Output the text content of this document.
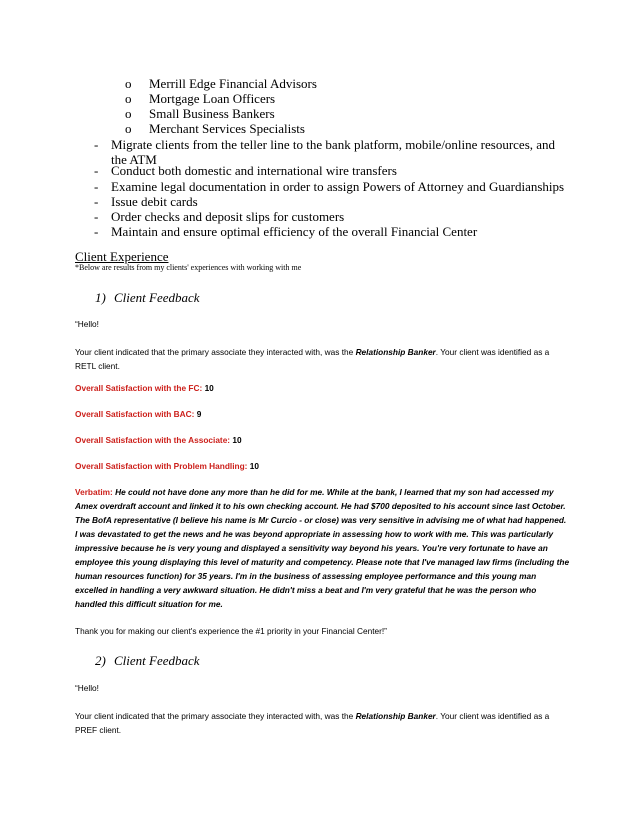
o Merrill Edge Financial Advisors
o Mortgage Loan Officers
o Small Business Bankers
o Merchant Services Specialists
- Migrate clients from the teller line to the bank platform, mobile/online resources, and the ATM
- Conduct both domestic and international wire transfers
- Examine legal documentation in order to assign Powers of Attorney and Guardianships
- Issue debit cards
- Order checks and deposit slips for customers
- Maintain and ensure optimal efficiency of the overall Financial Center
Client Experience
*Below are results from my clients' experiences with working with me
1) Client Feedback
“Hello!
Your client indicated that the primary associate they interacted with, was the Relationship Banker. Your client was identified as a RETL client.
Overall Satisfaction with the FC: 10
Overall Satisfaction with BAC: 9
Overall Satisfaction with the Associate: 10
Overall Satisfaction with Problem Handling: 10
Verbatim: He could not have done any more than he did for me. While at the bank, I learned that my son had accessed my Amex overdraft account and linked it to his own checking account. He had $700 deposited to his account since last October. The BofA representative (I believe his name is Mr Curcio - or close) was very sensitive in advising me of what had happened. I was devastated to get the news and he was beyond appropriate in assessing how to work with me. This was particularly impressive because he is very young and displayed a sensitivity way beyond his years. You're very fortunate to have an employee this young displaying this level of maturity and competency. Please note that I've managed law firms (including the human resources function) for 35 years. I'm in the business of assessing employee performance and this young man excelled in handling a very awkward situation. He didn't miss a beat and I'm very grateful that he was the person who handled this difficult situation for me.
Thank you for making our client's experience the #1 priority in your Financial Center!”
2) Client Feedback
“Hello!
Your client indicated that the primary associate they interacted with, was the Relationship Banker. Your client was identified as a PREF client.
